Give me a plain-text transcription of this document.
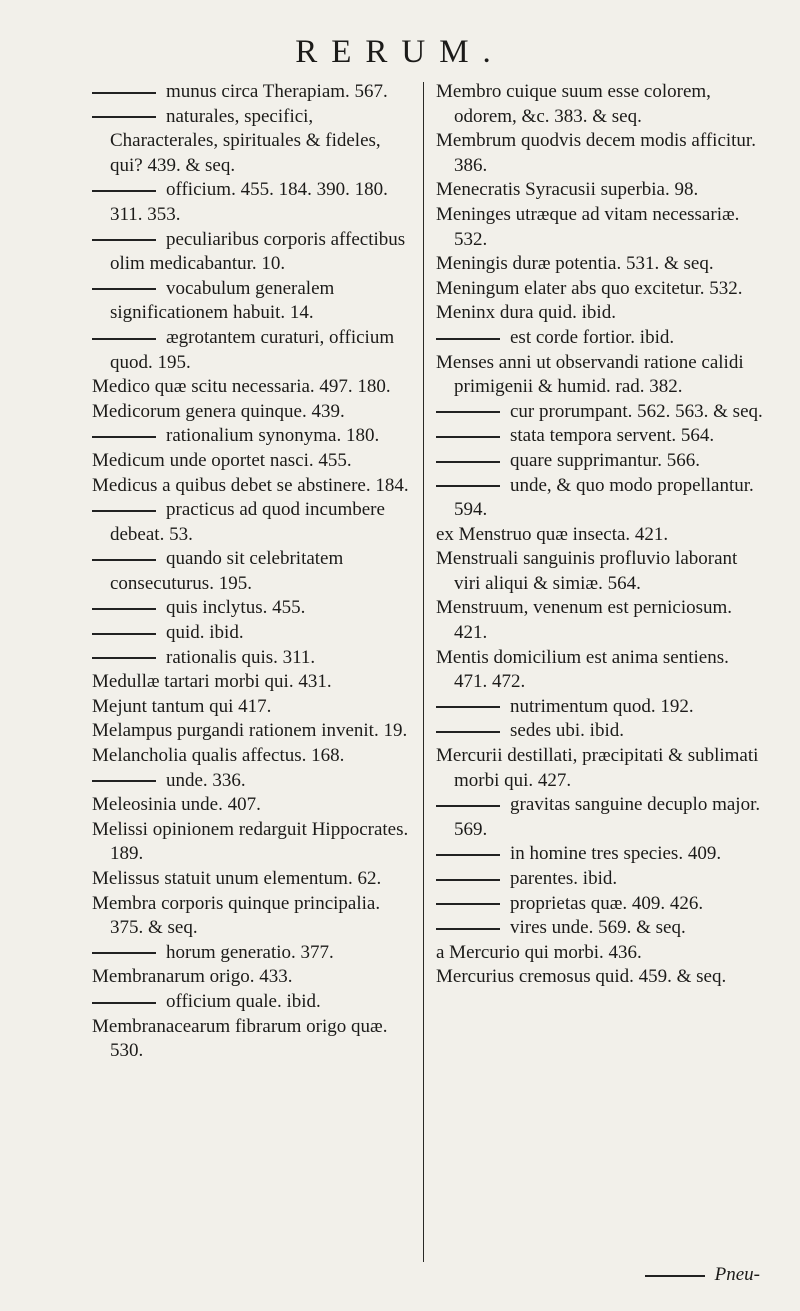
RERUM.
munus circa Therapiam. 567.
naturales, specifici, Characterales, spirituales & fideles, qui? 439. & seq.
officium. 455. 184. 390. 180. 311. 353.
peculiaribus corporis affectibus olim medicabantur. 10.
vocabulum generalem significationem habuit. 14.
ægrotantem curaturi, officium quod. 195.
Medico quæ scitu necessaria. 497. 180.
Medicorum genera quinque. 439.
rationalium synonyma. 180.
Medicum unde oportet nasci. 455.
Medicus a quibus debet se abstinere. 184.
practicus ad quod incumbere debeat. 53.
quando sit celebritatem consecuturus. 195.
quis inclytus. 455.
quid. ibid.
rationalis quis. 311.
Medullæ tartari morbi qui. 431.
Mejunt tantum qui 417.
Melampus purgandi rationem invenit. 19.
Melancholia qualis affectus. 168.
unde. 336.
Meleosinia unde. 407.
Melissi opinionem redarguit Hippocrates. 189.
Melissus statuit unum elementum. 62.
Membra corporis quinque principalia. 375. & seq.
horum generatio. 377.
Membranarum origo. 433.
officium quale. ibid.
Membranacearum fibrarum origo quæ. 530.
Membro cuique suum esse colorem, odorem, &c. 383. & seq.
Membrum quodvis decem modis afficitur. 386.
Menecratis Syracusii superbia. 98.
Meninges utræque ad vitam necessariæ. 532.
Meningis duræ potentia. 531. & seq.
Meningum elater abs quo excitetur. 532.
Meninx dura quid. ibid.
est corde fortior. ibid.
Menses anni ut observandi ratione calidi primigenii & humid. rad. 382.
cur prorumpant. 562. 563. & seq.
stata tempora servent. 564.
quare supprimantur. 566.
unde, & quo modo propellantur. 594.
ex Menstruo quæ insecta. 421.
Menstruali sanguinis profluvio laborant viri aliqui & simiæ. 564.
Menstruum, venenum est perniciosum. 421.
Mentis domicilium est anima sentiens. 471. 472.
nutrimentum quod. 192.
sedes ubi. ibid.
Mercurii destillati, præcipitati & sublimati morbi qui. 427.
gravitas sanguine decuplo major. 569.
in homine tres species. 409.
parentes. ibid.
proprietas quæ. 409. 426.
vires unde. 569. & seq.
a Mercurio qui morbi. 436.
Mercurius cremosus quid. 459. & seq.
Pneu-
